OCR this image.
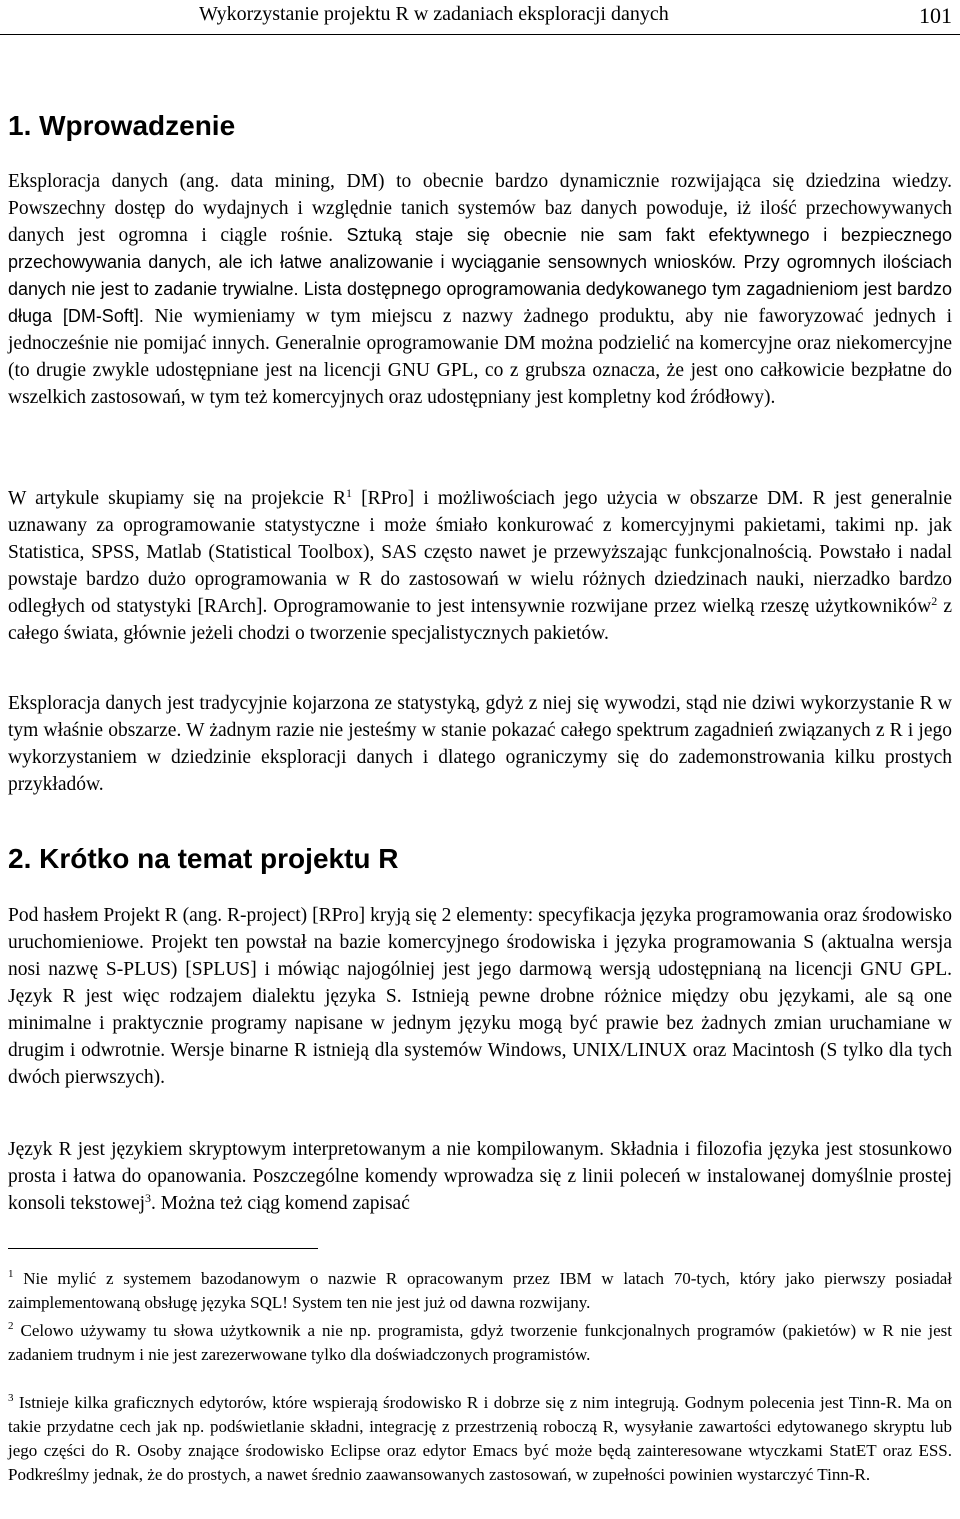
Wykorzystanie projektu R w zadaniach eksploracji danych	101
1. Wprowadzenie

Eksploracja danych (ang. data mining, DM) to obecnie bardzo dynamicznie rozwijająca się dziedzina wiedzy. Powszechny dostęp do wydajnych i względnie tanich systemów baz danych powoduje, iż ilość przechowywanych danych jest ogromna i ciągle rośnie. Sztuką staje się obecnie nie sam fakt efektywnego i bezpiecznego przechowywania danych, ale ich łatwe analizowanie i wyciąganie sensownych wniosków. Przy ogromnych ilościach danych nie jest to zadanie trywialne. Lista dostępnego oprogramowania dedykowanego tym zagadnieniom jest bardzo długa [DM-Soft]. Nie wymieniamy w tym miejscu z nazwy żadnego produktu, aby nie faworyzować jednych i jednocześnie nie pomijać innych. Generalnie oprogramowanie DM można podzielić na komercyjne oraz niekomercyjne (to drugie zwykle udostępniane jest na licencji GNU GPL, co z grubsza oznacza, że jest ono całkowicie bezpłatne do wszelkich zastosowań, w tym też komercyjnych oraz udostępniany jest kompletny kod źródłowy).

W artykule skupiamy się na projekcie $R^1$ [RPro] i możliwościach jego użycia w obszarze DM. R jest generalnie uznawany za oprogramowanie statystyczne i może śmiało konkurować z komercyjnymi pakietami, takimi np. jak Statistica, SPSS, Matlab (Statistical Toolbox), SAS często nawet je przewyższając funkcjonalnością. Powstało i nadal powstaje bardzo dużo oprogramowania w R do zastosowań w wielu różnych dziedzinach nauki, nierzadko bardzo odległych od statystyki [RArch]. Oprogramowanie to jest intensywnie rozwijane przez wielką rzeszę użytkowników$^2$ z całego świata, głównie jeżeli chodzi o tworzenie specjalistycznych pakietów.

Eksploracja danych jest tradycyjnie kojarzona ze statystyką, gdyż z niej się wywodzi, stąd nie dziwi wykorzystanie R w tym właśnie obszarze. W żadnym razie nie jesteśmy w stanie pokazać całego spektrum zagadnień związanych z R i jego wykorzystaniem w dziedzinie eksploracji danych i dlatego ograniczymy się do zademonstrowania kilku prostych przykładów.

2. Krótko na temat projektu R

Pod hasłem Projekt R (ang. R-project) [RPro] kryją się 2 elementy: specyfikacja języka programowania oraz środowisko uruchomieniowe. Projekt ten powstał na bazie komercyjnego środowiska i języka programowania S (aktualna wersja nosi nazwę S-PLUS) [SPLUS] i mówiąc najogólniej jest jego darmową wersją udostępnianą na licencji GNU GPL. Język R jest więc rodzajem dialektu języka S. Istnieją pewne drobne różnice między obu językami, ale są one minimalne i praktycznie programy napisane w jednym języku mogą być prawie bez żadnych zmian uruchamiane w drugim i odwrotnie. Wersje binarne R istnieją dla systemów Windows, UNIX/LINUX oraz Macintosh (S tylko dla tych dwóch pierwszych).

Język R jest językiem skryptowym interpretowanym a nie kompilowanym. Składnia i filozofia języka jest stosunkowo prosta i łatwa do opanowania. Poszczególne komendy wprowadza się z linii poleceń w instalowanej domyślnie prostej konsoli tekstowej$^3$. Można też ciąg komend zapisać

$^1$ Nie mylić z systemem bazodanowym o nazwie R opracowanym przez IBM w latach 70-tych, który jako pierwszy posiadał zaimplementowaną obsługę języka SQL! System ten nie jest już od dawna rozwijany.

$^2$ Celowo używamy tu słowa użytkownik a nie np. programista, gdyż tworzenie funkcjonalnych programów (pakietów) w R nie jest zadaniem trudnym i nie jest zarezerwowane tylko dla doświadczonych programistów.

$^3$ Istnieje kilka graficznych edytorów, które wspierają środowisko R i dobrze się z nim integrują. Godnym polecenia jest Tinn-R. Ma on takie przydatne cech jak np. podświetlanie składni, integrację z przestrzenią roboczą R, wysyłanie zawartości edytowanego skryptu lub jego części do R. Osoby znające środowisko Eclipse oraz edytor Emacs być może będą zainteresowane wtyczkami StatET oraz ESS. Podkreślmy jednak, że do prostych, a nawet średnio zaawansowanych zastosowań, w zupełności powinien wystarczyć Tinn-R.
